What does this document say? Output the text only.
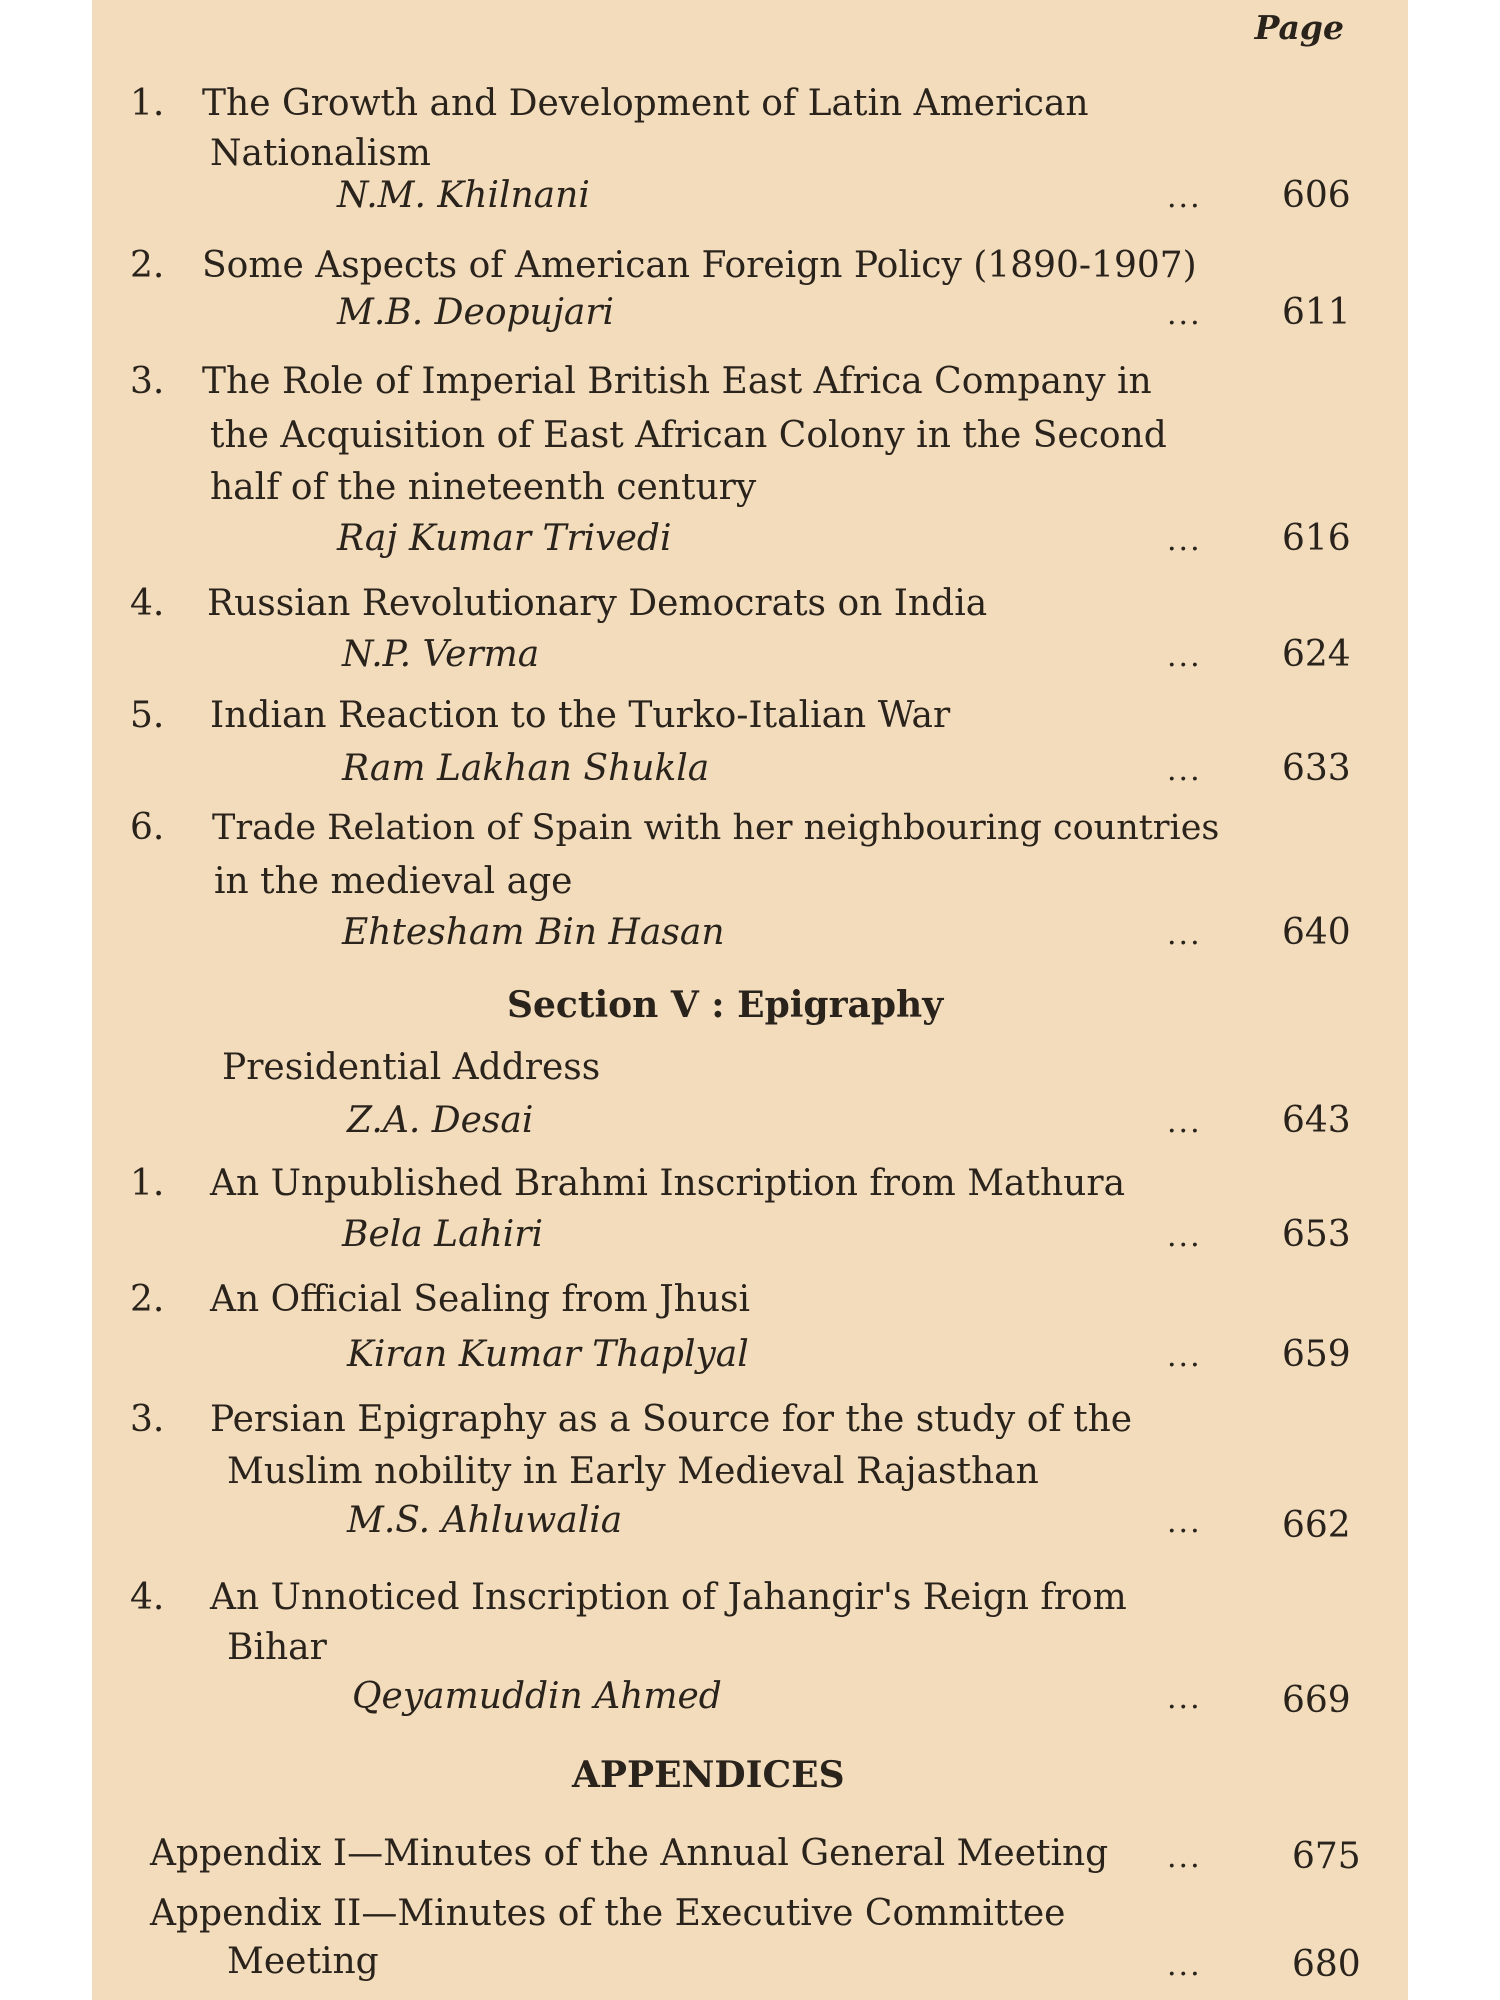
Page
1. The Growth and Development of Latin American
Nationalism
N.M. Khilnani	... 606
2. Some Aspects of American Foreign Policy (1890-1907)
M.B. Deopujari	... 611
3. The Role of Imperial British East Africa Company in
the Acquisition of East African Colony in the Second
half of the nineteenth century
Raj Kumar Trivedi	... 616
4. Russian Revolutionary Democrats on India
N.P. Verma	... 624
5. Indian Reaction to the Turko-Italian War
Ram Lakhan Shukla	... 633
6. Trade Relation of Spain with her neighbouring countries
in the medieval age
Ehtesham Bin Hasan	... 640
Section V : Epigraphy
Presidential Address
Z.A. Desai	... 643
1. An Unpublished Brahmi Inscription from Mathura
Bela Lahiri	... 653
2. An Official Sealing from Jhusi
Kiran Kumar Thaplyal	... 659
3. Persian Epigraphy as a Source for the study of the
Muslim nobility in Early Medieval Rajasthan
M.S. Ahluwalia	... 662
4. An Unnoticed Inscription of Jahangir's Reign from
Bihar
Qeyamuddin Ahmed	... 669
APPENDICES
Appendix I—Minutes of the Annual General Meeting ...	675
Appendix II—Minutes of the Executive Committee
Meeting	...	680
